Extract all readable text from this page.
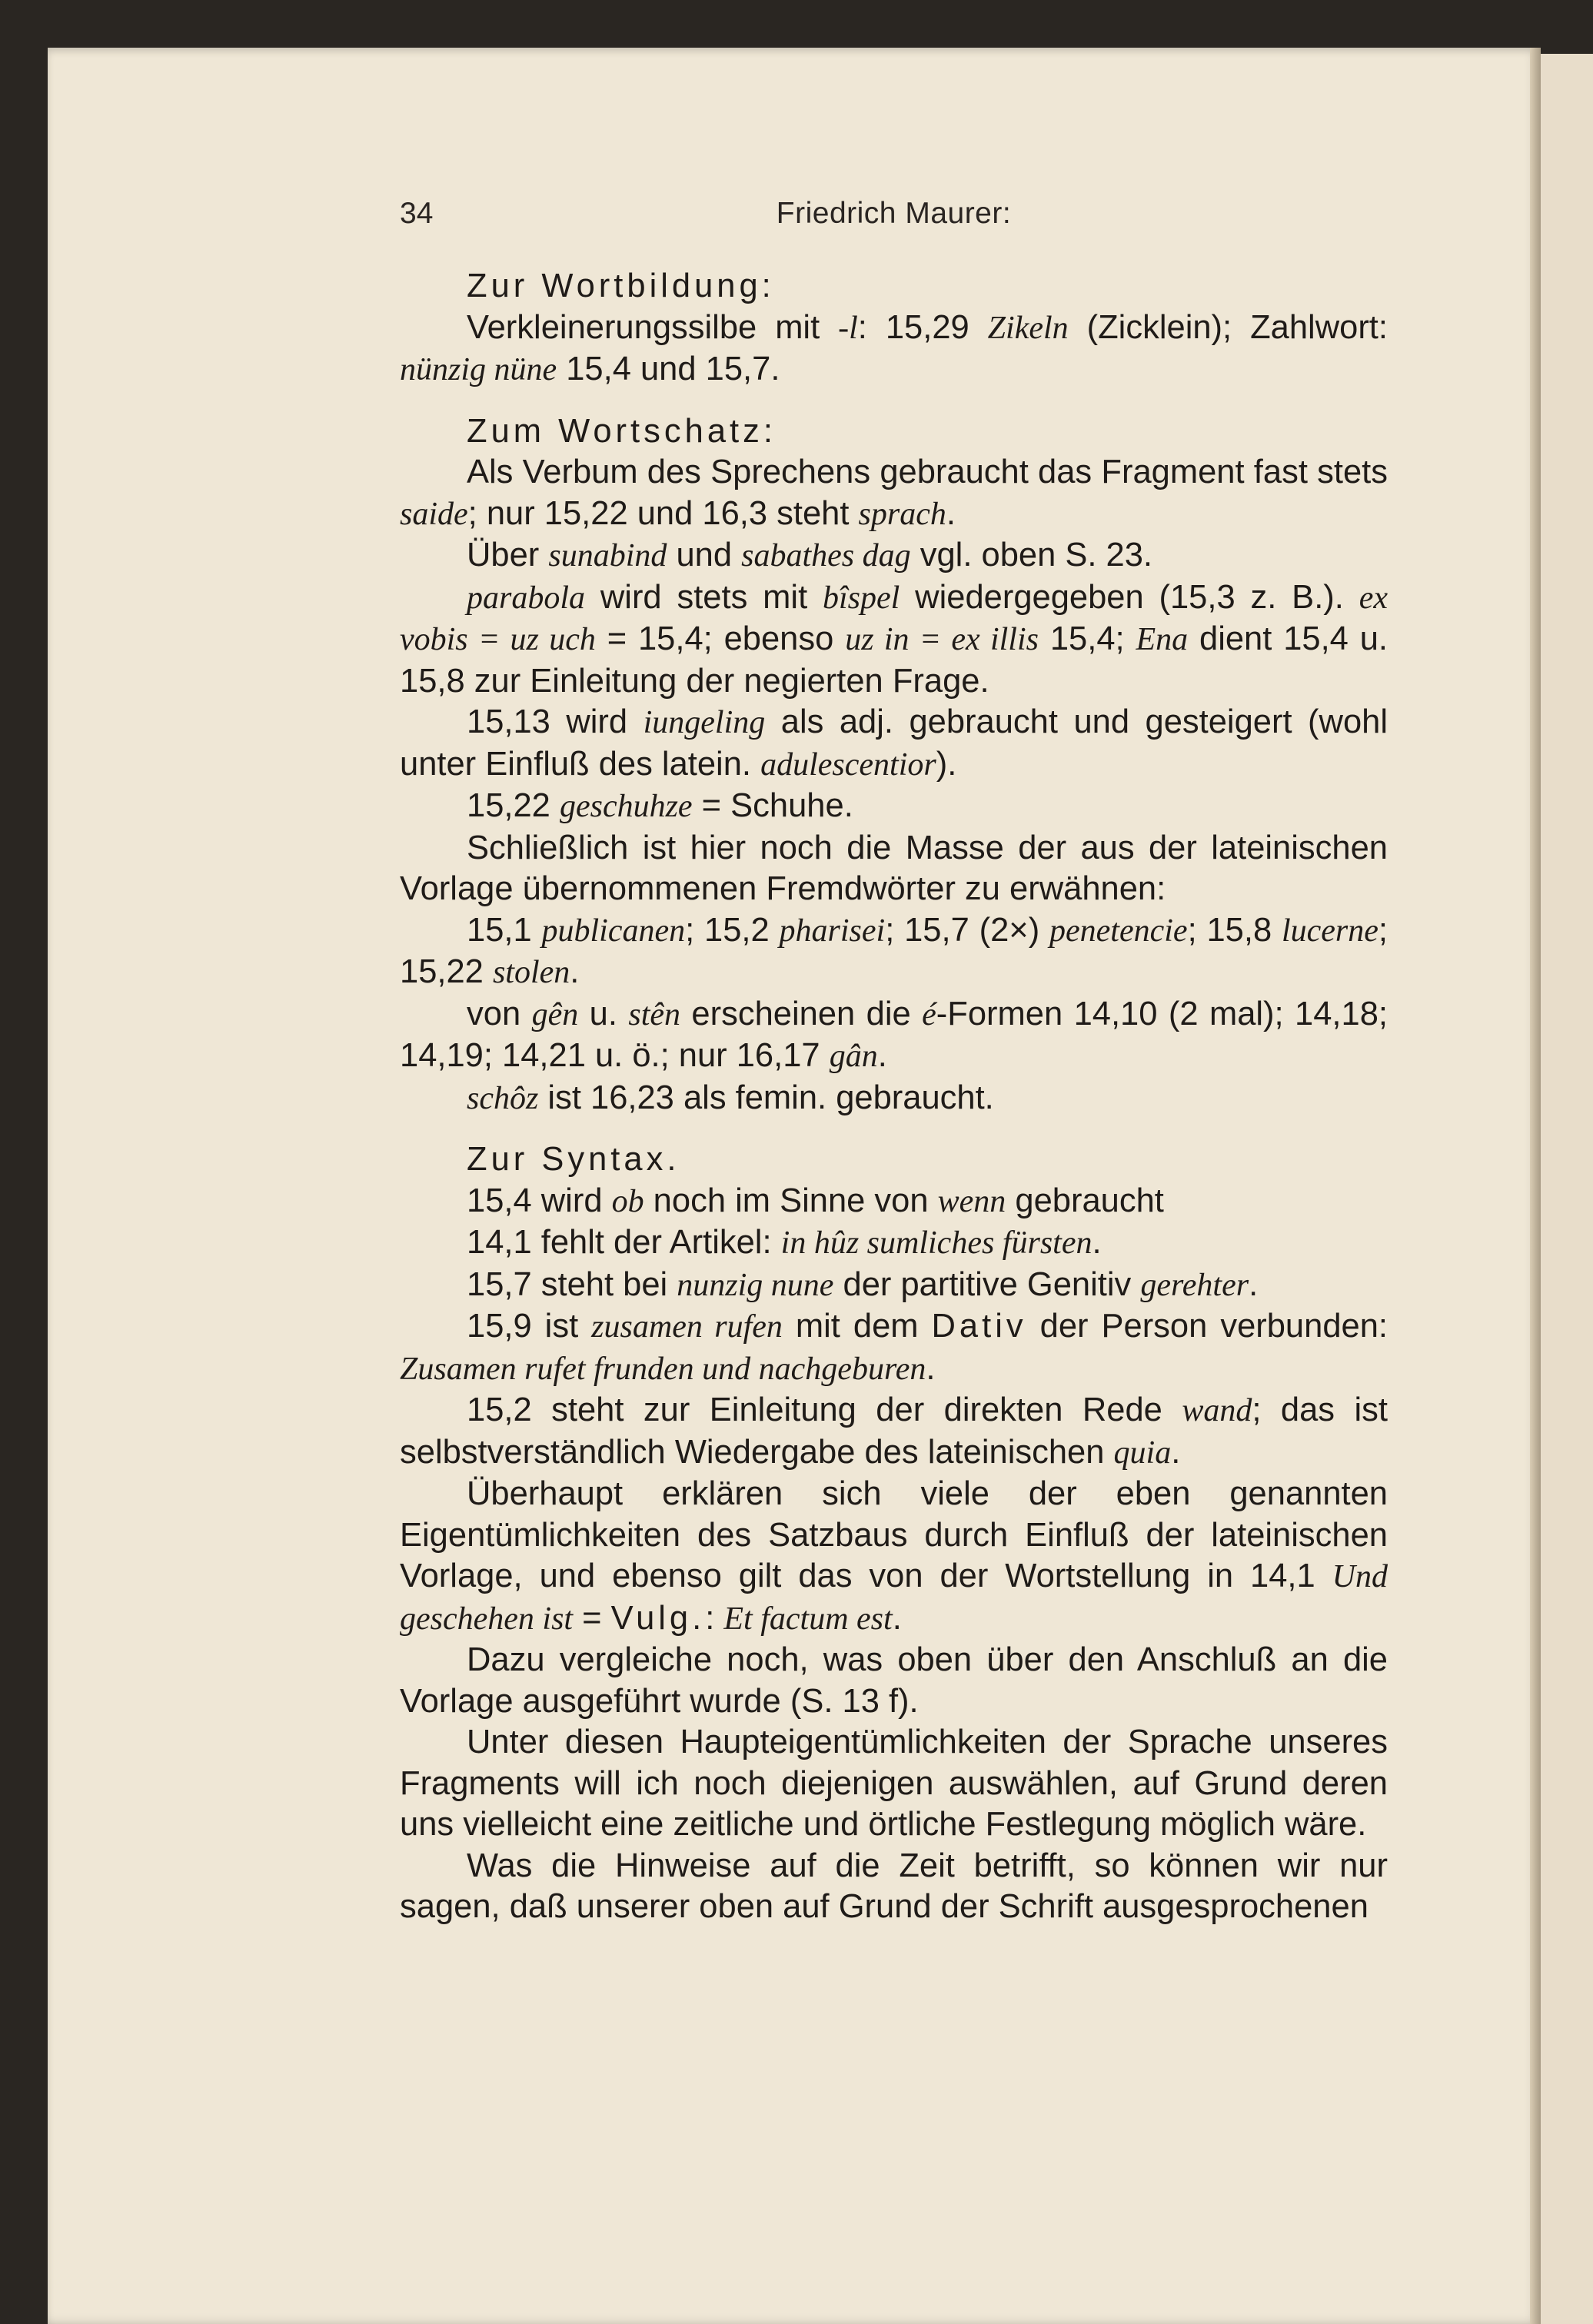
34	Friedrich Maurer:

Zur Wortbildung:

Verkleinerungssilbe mit -l: 15,29 Zikeln (Zicklein); Zahlwort: nünzig nüne 15,4 und 15,7.

Zum Wortschatz:

Als Verbum des Sprechens gebraucht das Fragment fast stets saide; nur 15,22 und 16,3 steht sprach.

Über sunabind und sabathes dag vgl. oben S. 23.

parabola wird stets mit bîspel wiedergegeben (15,3 z. B.). ex vobis = uz uch = 15,4; ebenso uz in = ex illis 15,4; Ena dient 15,4 u. 15,8 zur Einleitung der negierten Frage.

15,13 wird iungeling als adj. gebraucht und gesteigert (wohl unter Einfluß des latein. adulescentior).

15,22 geschuhze = Schuhe.

Schließlich ist hier noch die Masse der aus der lateinischen Vorlage übernommenen Fremdwörter zu erwähnen:

15,1 publicanen; 15,2 pharisei; 15,7 (2×) penetencie; 15,8 lucerne; 15,22 stolen.

von gên u. stên erscheinen die é-Formen 14,10 (2 mal); 14,18; 14,19; 14,21 u. ö.; nur 16,17 gân.

schôz ist 16,23 als femin. gebraucht.

Zur Syntax.

15,4 wird ob noch im Sinne von wenn gebraucht

14,1 fehlt der Artikel: in hûz sumliches fürsten.

15,7 steht bei nunzig nune der partitive Genitiv gerehter.

15,9 ist zusamen rufen mit dem Dativ der Person verbunden: Zusamen rufet frunden und nachgeburen.

15,2 steht zur Einleitung der direkten Rede wand; das ist selbstverständlich Wiedergabe des lateinischen quia.

Überhaupt erklären sich viele der eben genannten Eigentümlichkeiten des Satzbaus durch Einfluß der lateinischen Vorlage, und ebenso gilt das von der Wortstellung in 14,1 Und geschehen ist = Vulg.: Et factum est.

Dazu vergleiche noch, was oben über den Anschluß an die Vorlage ausgeführt wurde (S. 13 f).

Unter diesen Haupteigentümlichkeiten der Sprache unseres Fragments will ich noch diejenigen auswählen, auf Grund deren uns vielleicht eine zeitliche und örtliche Festlegung möglich wäre.

Was die Hinweise auf die Zeit betrifft, so können wir nur sagen, daß unserer oben auf Grund der Schrift ausgesprochenen
